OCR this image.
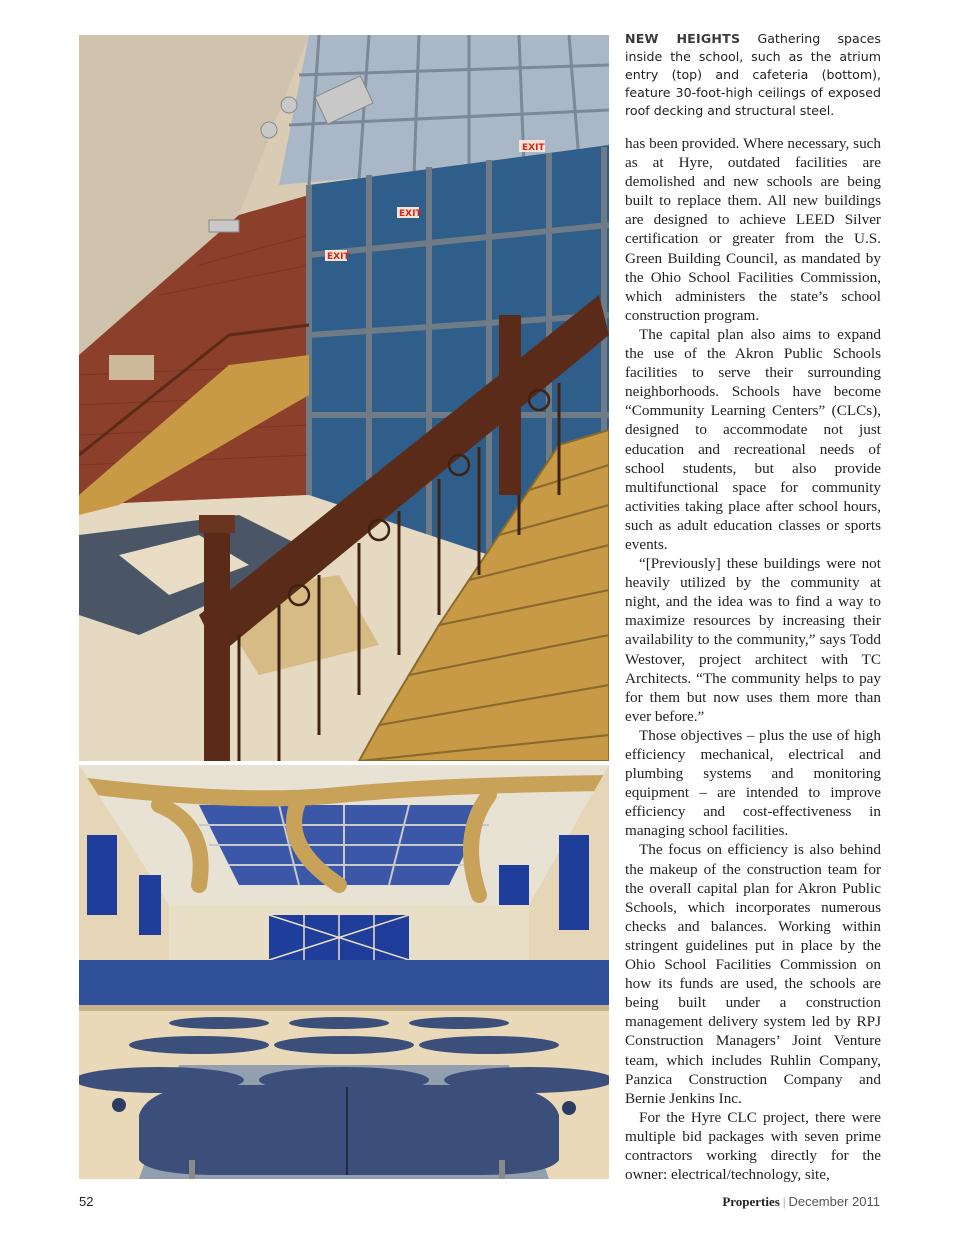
EXIT
EXIT
EXIT
NEW HEIGHTS Gathering spaces inside the school, such as the atrium entry (top) and cafeteria (bottom), feature 30-foot-high ceilings of exposed roof decking and structural steel.

has been provided. Where necessary, such as at Hyre, outdated facilities are demolished and new schools are being built to replace them. All new buildings are designed to achieve LEED Silver certification or greater from the U.S. Green Building Council, as mandated by the Ohio School Facilities Commission, which administers the state’s school construction program.

The capital plan also aims to expand the use of the Akron Public Schools facilities to serve their surrounding neighborhoods. Schools have become “Community Learning Centers” (CLCs), designed to accommodate not just education and recreational needs of school students, but also provide multifunctional space for community activities taking place after school hours, such as adult education classes or sports events.

“[Previously] these buildings were not heavily utilized by the community at night, and the idea was to find a way to maximize resources by increasing their availability to the community,” says Todd Westover, project architect with TC Architects. “The community helps to pay for them but now uses them more than ever before.”

Those objectives – plus the use of high efficiency mechanical, electrical and plumbing systems and monitoring equipment – are intended to improve efficiency and cost-effectiveness in managing school facilities.

The focus on efficiency is also behind the makeup of the construction team for the overall capital plan for Akron Public Schools, which incorporates numerous checks and balances. Working within stringent guidelines put in place by the Ohio School Facilities Commission on how its funds are used, the schools are being built under a construction management delivery system led by RPJ Construction Managers’ Joint Venture team, which includes Ruhlin Company, Panzica Construction Company and Bernie Jenkins Inc.

For the Hyre CLC project, there were multiple bid packages with seven prime contractors working directly for the owner: electrical/technology, site,

52	Properties | December 2011
